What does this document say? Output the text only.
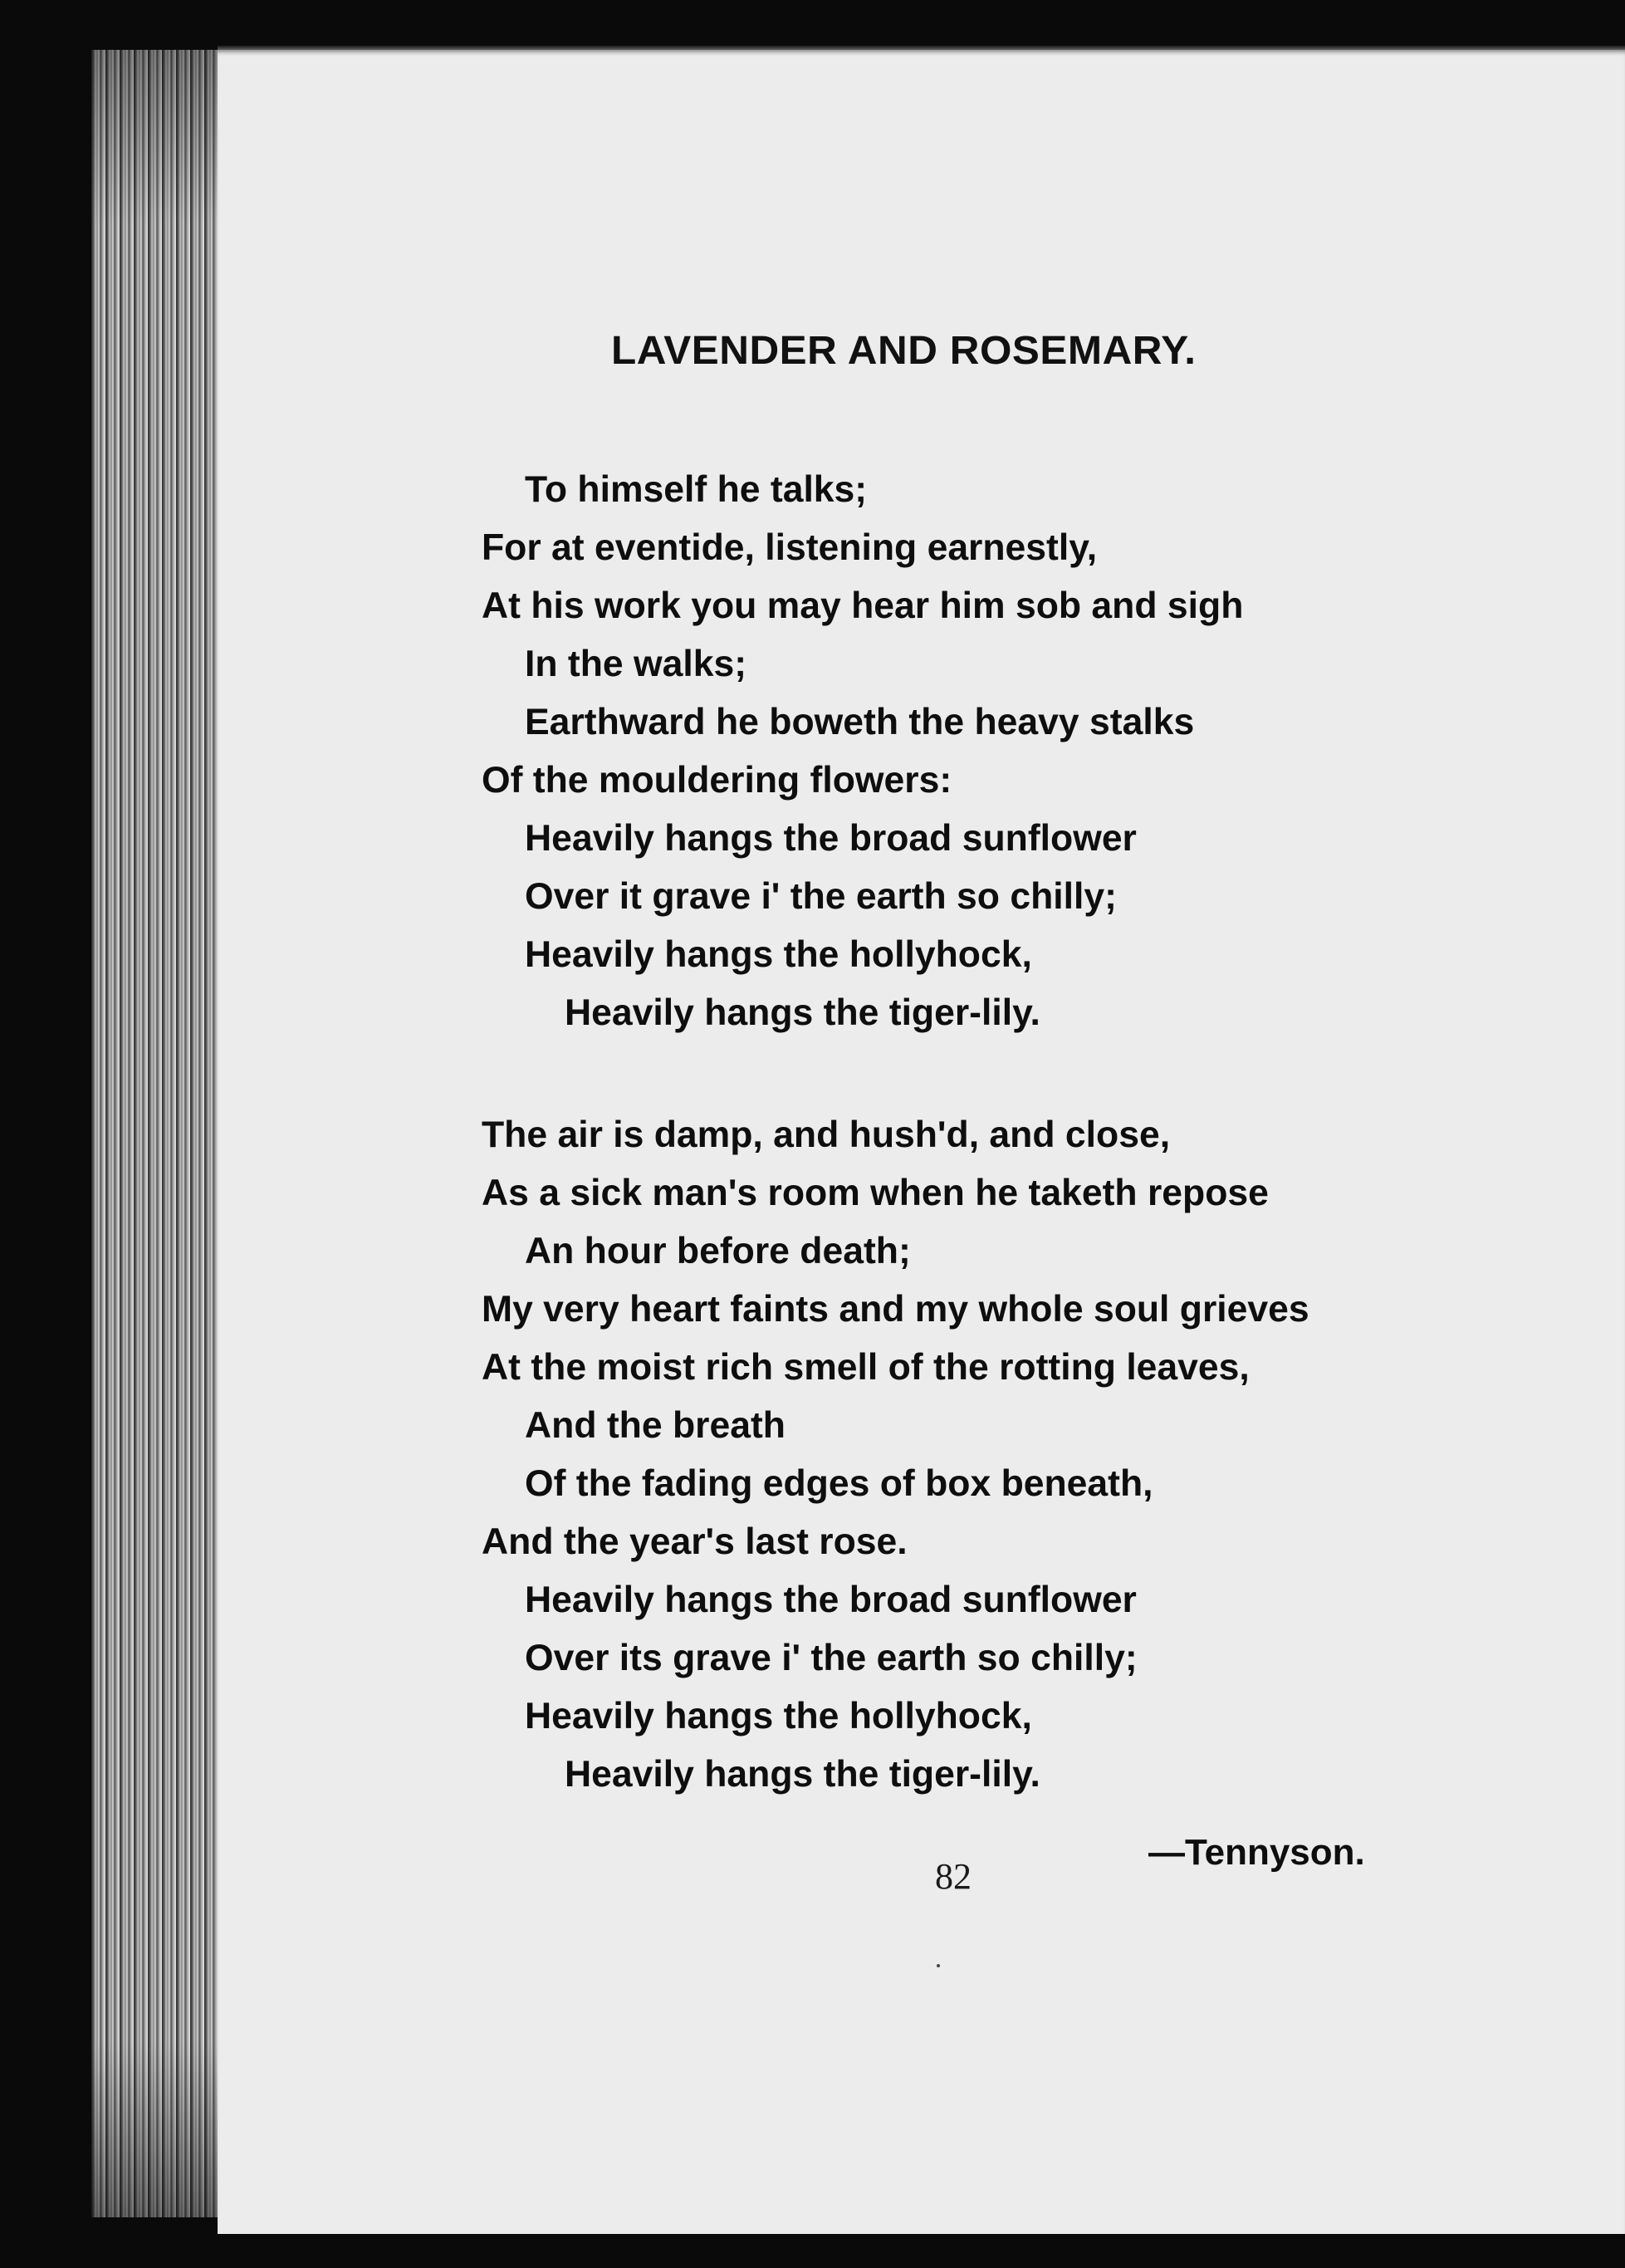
LAVENDER AND ROSEMARY.
To himself he talks;
For at eventide, listening earnestly,
At his work you may hear him sob and sigh
In the walks;
Earthward he boweth the heavy stalks
Of the mouldering flowers:
Heavily hangs the broad sunflower
Over it grave i' the earth so chilly;
Heavily hangs the hollyhock,
Heavily hangs the tiger-lily.
The air is damp, and hush'd, and close,
As a sick man's room when he taketh repose
An hour before death;
My very heart faints and my whole soul grieves
At the moist rich smell of the rotting leaves,
And the breath
Of the fading edges of box beneath,
And the year's last rose.
Heavily hangs the broad sunflower
Over its grave i' the earth so chilly;
Heavily hangs the hollyhock,
Heavily hangs the tiger-lily.
82
—Tennyson.
